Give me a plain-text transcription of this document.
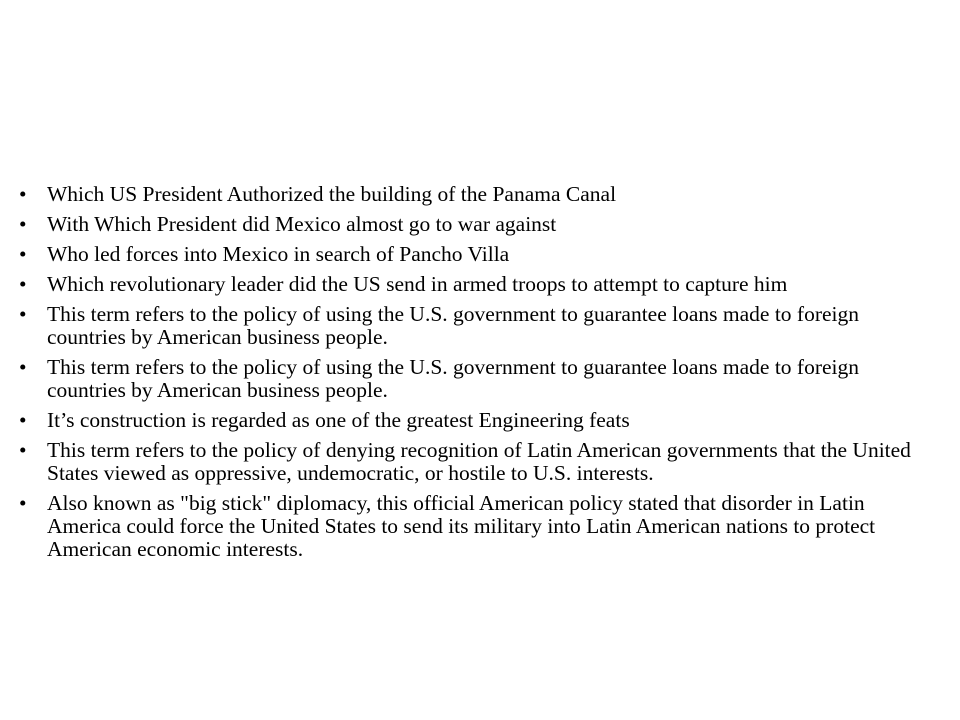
• Which US President Authorized the building of the Panama Canal
• With Which President did Mexico almost go to war against
• Who led forces into Mexico in search of Pancho Villa
• Which revolutionary leader did the US send in armed troops to attempt to capture him
• This term refers to the policy of using the U.S. government to guarantee loans made to foreign countries by American business people.
• This term refers to the policy of using the U.S. government to guarantee loans made to foreign countries by American business people.
• It’s construction is regarded as one of the greatest Engineering feats
• This term refers to the policy of denying recognition of Latin American governments that the United States viewed as oppressive, undemocratic, or hostile to U.S. interests.
• Also known as "big stick" diplomacy, this official American policy stated that disorder in Latin America could force the United States to send its military into Latin American nations to protect American economic interests.
